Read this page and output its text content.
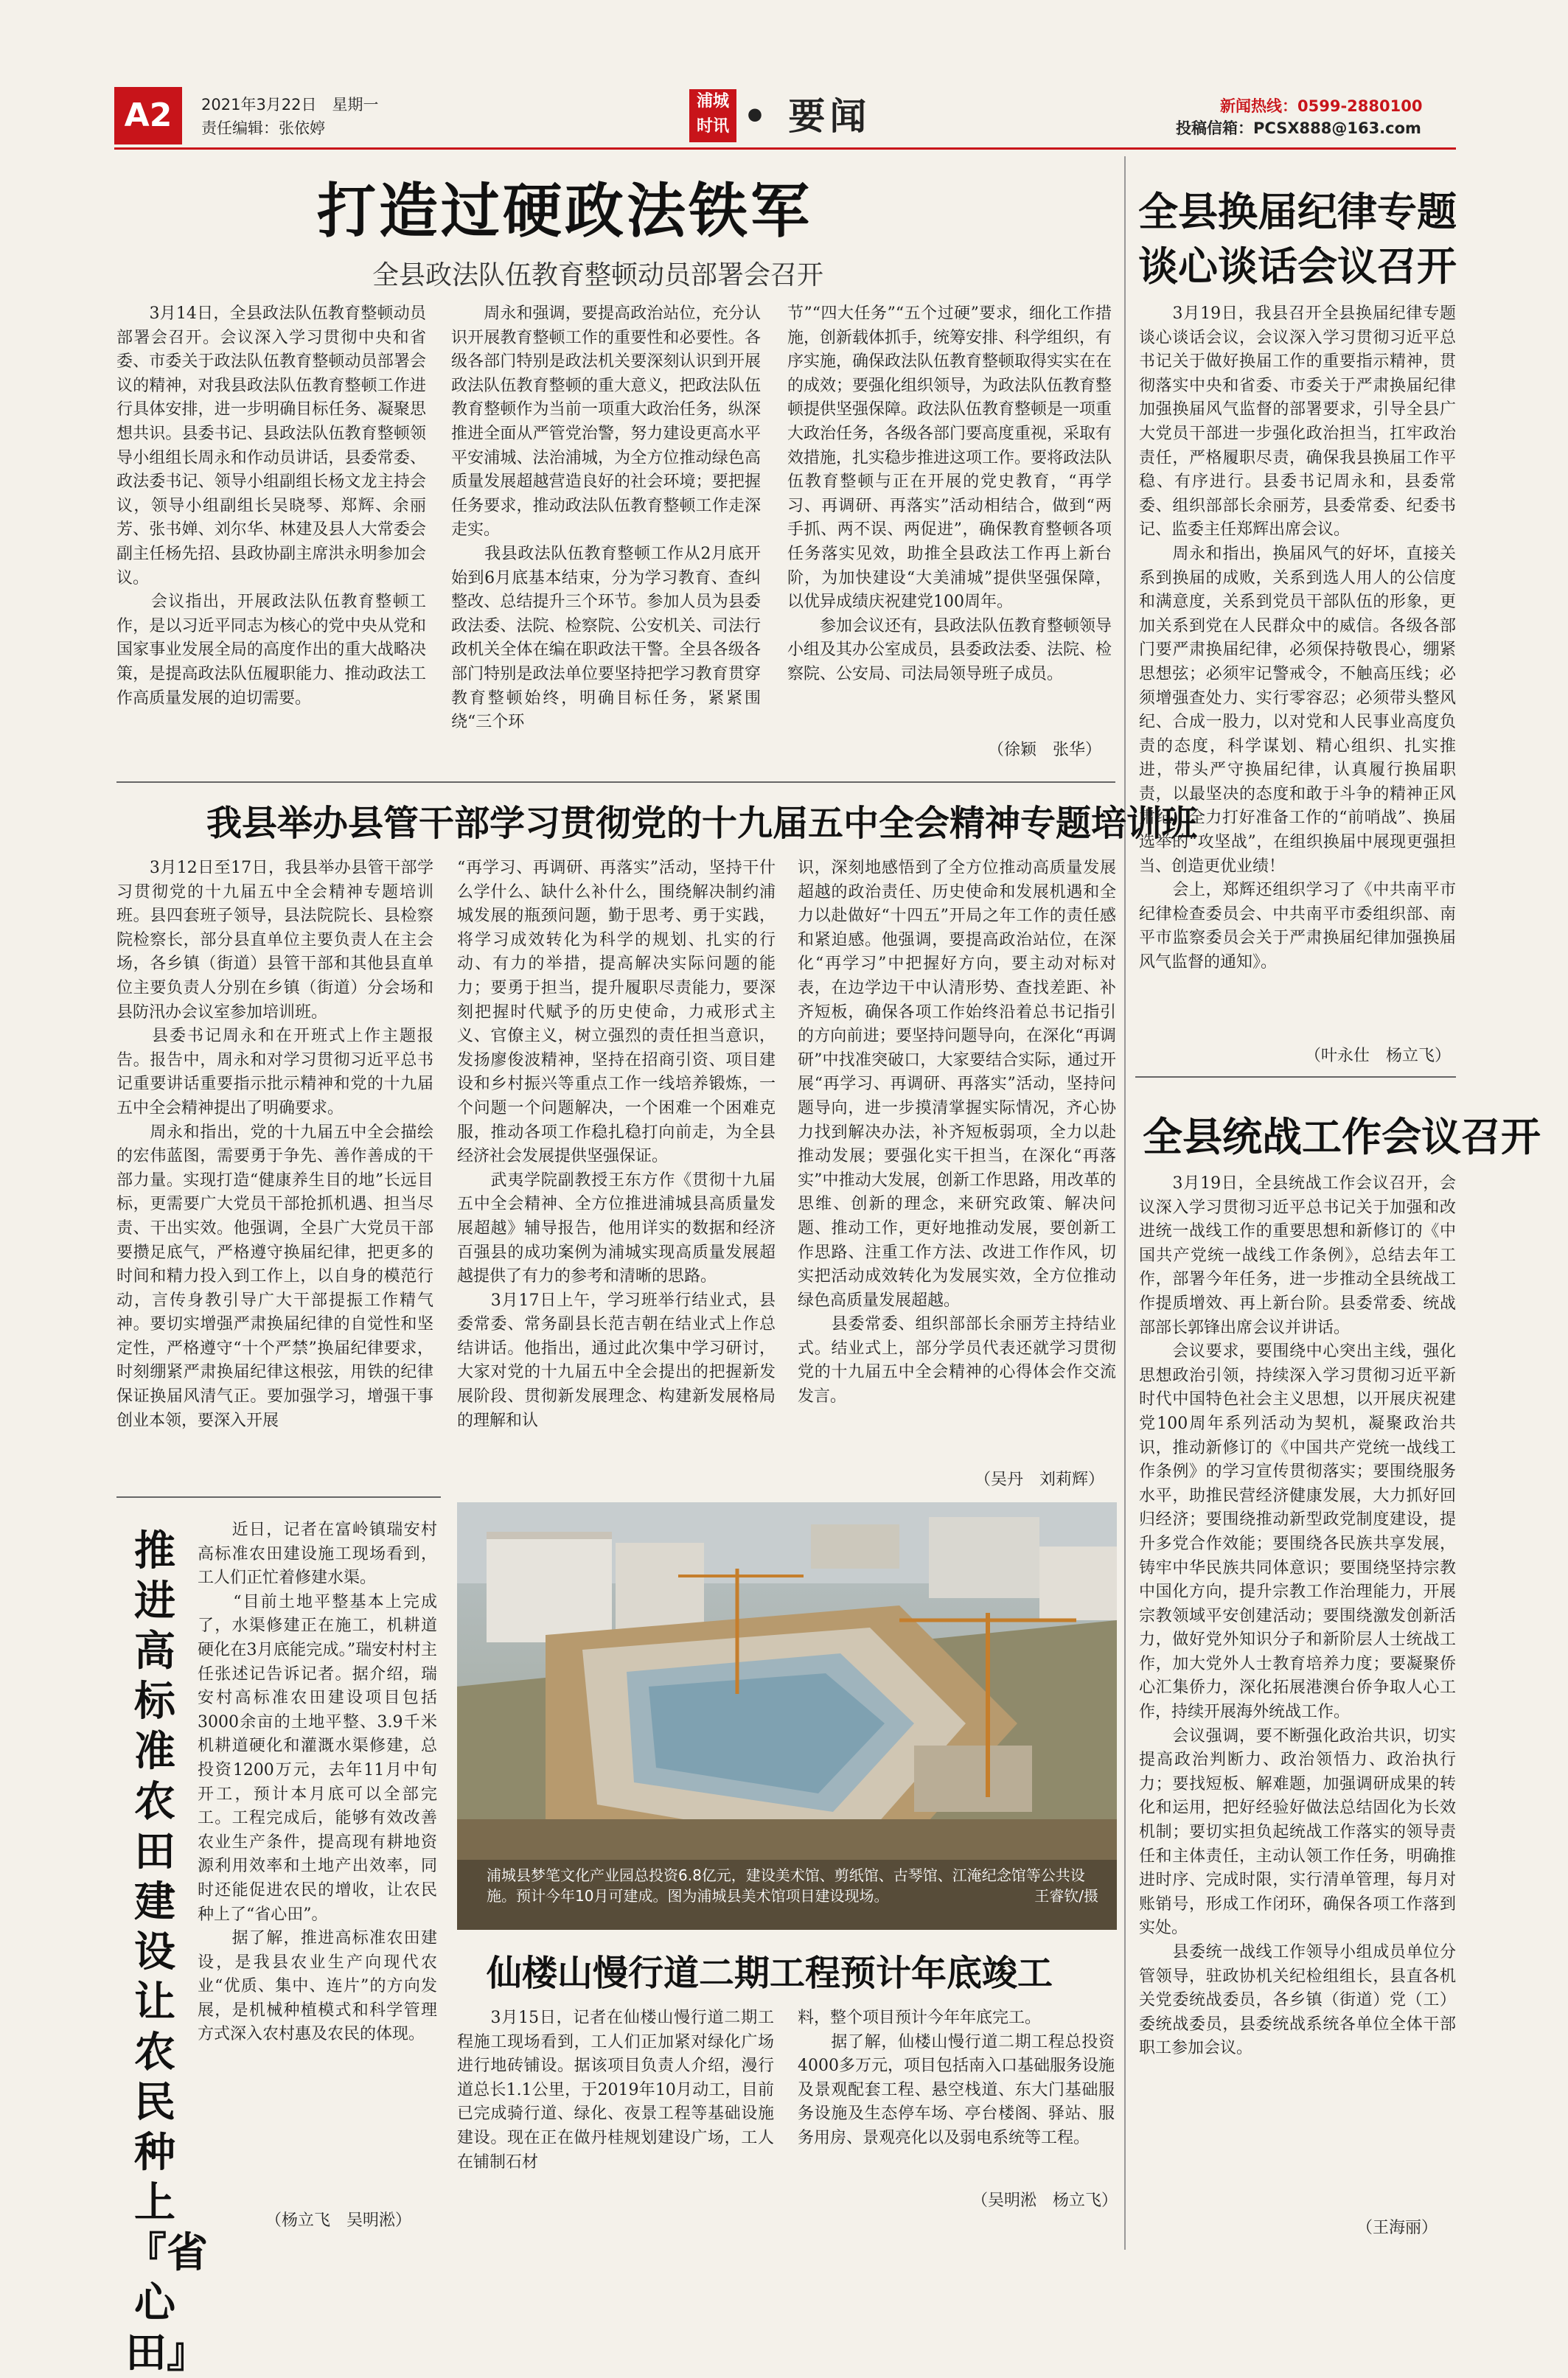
A2	2021年3月22日　星期一
责任编辑：张依婷
浦城时讯 • 要闻	新闻热线：0599-2880100
投稿信箱：PCSX888@163.com
打造过硬政法铁军
全县政法队伍教育整顿动员部署会召开
　　3月14日，全县政法队伍教育整顿动员部署会召开。会议深入学习贯彻中央和省委、市委关于政法队伍教育整顿动员部署会议的精神，对我县政法队伍教育整顿工作进行具体安排，进一步明确目标任务、凝聚思想共识。县委书记、县政法队伍教育整顿领导小组组长周永和作动员讲话，县委常委、政法委书记、领导小组副组长杨文龙主持会议，领导小组副组长吴晓琴、郑辉、余丽芳、张书婵、刘尔华、林建及县人大常委会副主任杨先招、县政协副主席洪永明参加会议。
　　会议指出，开展政法队伍教育整顿工作，是以习近平同志为核心的党中央从党和国家事业发展全局的高度作出的重大战略决策，是提高政法队伍履职能力、推动政法工作高质量发展的迫切需要。
　　周永和强调，要提高政治站位，充分认识开展教育整顿工作的重要性和必要性。各级各部门特别是政法机关要深刻认识到开展政法队伍教育整顿的重大意义，把政法队伍教育整顿作为当前一项重大政治任务，纵深推进全面从严管党治警，努力建设更高水平平安浦城、法治浦城，为全方位推动绿色高质量发展超越营造良好的社会环境；要把握任务要求，推动政法队伍教育整顿工作走深走实。
　　我县政法队伍教育整顿工作从2月底开始到6月底基本结束，分为学习教育、查纠整改、总结提升三个环节。参加人员为县委政法委、法院、检察院、公安机关、司法行政机关全体在编在职政法干警。全县各级各部门特别是政法单位要坚持把学习教育贯穿教育整顿始终，明确目标任务，紧紧围绕“三个环
节”“四大任务”“五个过硬”要求，细化工作措施，创新载体抓手，统筹安排、科学组织，有序实施，确保政法队伍教育整顿取得实实在在的成效；要强化组织领导，为政法队伍教育整顿提供坚强保障。政法队伍教育整顿是一项重大政治任务，各级各部门要高度重视，采取有效措施，扎实稳步推进这项工作。要将政法队伍教育整顿与正在开展的党史教育，“再学习、再调研、再落实”活动相结合，做到“两手抓、两不误、两促进”，确保教育整顿各项任务落实见效，助推全县政法工作再上新台阶，为加快建设“大美浦城”提供坚强保障，以优异成绩庆祝建党100周年。
　　参加会议还有，县政法队伍教育整顿领导小组及其办公室成员，县委政法委、法院、检察院、公安局、司法局领导班子成员。
（徐颖　张华）
全县换届纪律专题谈心谈话会议召开
　　3月19日，我县召开全县换届纪律专题谈心谈话会议，会议深入学习贯彻习近平总书记关于做好换届工作的重要指示精神，贯彻落实中央和省委、市委关于严肃换届纪律加强换届风气监督的部署要求，引导全县广大党员干部进一步强化政治担当，扛牢政治责任，严格履职尽责，确保我县换届工作平稳、有序进行。县委书记周永和，县委常委、组织部部长余丽芳，县委常委、纪委书记、监委主任郑辉出席会议。
　　周永和指出，换届风气的好坏，直接关系到换届的成败，关系到选人用人的公信度和满意度，关系到党员干部队伍的形象，更加关系到党在人民群众中的威信。各级各部门要严肃换届纪律，必须保持敬畏心，绷紧思想弦；必须牢记警戒令，不触高压线；必须增强查处力、实行零容忍；必须带头整风纪、合成一股力，以对党和人民事业高度负责的态度，科学谋划、精心组织、扎实推进，带头严守换届纪律，认真履行换届职责，以最坚决的态度和敢于斗争的精神正风肃纪，全力打好准备工作的“前哨战”、换届选举的“攻坚战”，在组织换届中展现更强担当、创造更优业绩！
　　会上，郑辉还组织学习了《中共南平市纪律检查委员会、中共南平市委组织部、南平市监察委员会关于严肃换届纪律加强换届风气监督的通知》。
（叶永仕　杨立飞）
全县统战工作会议召开
　　3月19日，全县统战工作会议召开，会议深入学习贯彻习近平总书记关于加强和改进统一战线工作的重要思想和新修订的《中国共产党统一战线工作条例》，总结去年工作，部署今年任务，进一步推动全县统战工作提质增效、再上新台阶。县委常委、统战部部长郭锋出席会议并讲话。
　　会议要求，要围绕中心突出主线，强化思想政治引领，持续深入学习贯彻习近平新时代中国特色社会主义思想，以开展庆祝建党100周年系列活动为契机，凝聚政治共识，推动新修订的《中国共产党统一战线工作条例》的学习宣传贯彻落实；要围绕服务水平，助推民营经济健康发展，大力抓好回归经济；要围绕推动新型政党制度建设，提升多党合作效能；要围绕各民族共享发展，铸牢中华民族共同体意识；要围绕坚持宗教中国化方向，提升宗教工作治理能力，开展宗教领域平安创建活动；要围绕激发创新活力，做好党外知识分子和新阶层人士统战工作，加大党外人士教育培养力度；要凝聚侨心汇集侨力，深化拓展港澳台侨争取人心工作，持续开展海外统战工作。
　　会议强调，要不断强化政治共识，切实提高政治判断力、政治领悟力、政治执行力；要找短板、解难题，加强调研成果的转化和运用，把好经验好做法总结固化为长效机制；要切实担负起统战工作落实的领导责任和主体责任，主动认领工作任务，明确推进时序、完成时限，实行清单管理，每月对账销号，形成工作闭环，确保各项工作落到实处。
　　县委统一战线工作领导小组成员单位分管领导，驻政协机关纪检组组长，县直各机关党委统战委员，各乡镇（街道）党（工）委统战委员，县委统战系统各单位全体干部职工参加会议。
（王海丽）
我县举办县管干部学习贯彻党的十九届五中全会精神专题培训班
　　3月12日至17日，我县举办县管干部学习贯彻党的十九届五中全会精神专题培训班。县四套班子领导，县法院院长、县检察院检察长，部分县直单位主要负责人在主会场，各乡镇（街道）县管干部和其他县直单位主要负责人分别在乡镇（街道）分会场和县防汛办会议室参加培训班。
　　县委书记周永和在开班式上作主题报告。报告中，周永和对学习贯彻习近平总书记重要讲话重要指示批示精神和党的十九届五中全会精神提出了明确要求。
　　周永和指出，党的十九届五中全会描绘的宏伟蓝图，需要勇于争先、善作善成的干部力量。实现打造“健康养生目的地”长远目标，更需要广大党员干部抢抓机遇、担当尽责、干出实效。他强调，全县广大党员干部要攒足底气，严格遵守换届纪律，把更多的时间和精力投入到工作上，以自身的模范行动，言传身教引导广大干部提振工作精气神。要切实增强严肃换届纪律的自觉性和坚定性，严格遵守“十个严禁”换届纪律要求，时刻绷紧严肃换届纪律这根弦，用铁的纪律保证换届风清气正。要加强学习，增强干事创业本领，要深入开展
“再学习、再调研、再落实”活动，坚持干什么学什么、缺什么补什么，围绕解决制约浦城发展的瓶颈问题，勤于思考、勇于实践，将学习成效转化为科学的规划、扎实的行动、有力的举措，提高解决实际问题的能力；要勇于担当，提升履职尽责能力，要深刻把握时代赋予的历史使命，力戒形式主义、官僚主义，树立强烈的责任担当意识，发扬廖俊波精神，坚持在招商引资、项目建设和乡村振兴等重点工作一线培养锻炼，一个问题一个问题解决，一个困难一个困难克服，推动各项工作稳扎稳打向前走，为全县经济社会发展提供坚强保证。
　　武夷学院副教授王东方作《贯彻十九届五中全会精神、全方位推进浦城县高质量发展超越》辅导报告，他用详实的数据和经济百强县的成功案例为浦城实现高质量发展超越提供了有力的参考和清晰的思路。
　　3月17日上午，学习班举行结业式，县委常委、常务副县长范吉朝在结业式上作总结讲话。他指出，通过此次集中学习研讨，大家对党的十九届五中全会提出的把握新发展阶段、贯彻新发展理念、构建新发展格局的理解和认
识，深刻地感悟到了全方位推动高质量发展超越的政治责任、历史使命和发展机遇和全力以赴做好“十四五”开局之年工作的责任感和紧迫感。他强调，要提高政治站位，在深化“再学习”中把握好方向，要主动对标对表，在边学边干中认清形势、查找差距、补齐短板，确保各项工作始终沿着总书记指引的方向前进；要坚持问题导向，在深化“再调研”中找准突破口，大家要结合实际，通过开展“再学习、再调研、再落实”活动，坚持问题导向，进一步摸清掌握实际情况，齐心协力找到解决办法，补齐短板弱项，全力以赴推动发展；要强化实干担当，在深化“再落实”中推动大发展，创新工作思路，用改革的思维、创新的理念，来研究政策、解决问题、推动工作，更好地推动发展，要创新工作思路、注重工作方法、改进工作作风，切实把活动成效转化为发展实效，全方位推动绿色高质量发展超越。
　　县委常委、组织部部长余丽芳主持结业式。结业式上，部分学员代表还就学习贯彻党的十九届五中全会精神的心得体会作交流发言。
（吴丹　刘莉辉）
推进高标准农田建设　让农民种上『省心田』
　　近日，记者在富岭镇瑞安村高标准农田建设施工现场看到，工人们正忙着修建水渠。
　　“目前土地平整基本上完成了，水渠修建正在施工，机耕道硬化在3月底能完成。”瑞安村村主任张述记告诉记者。据介绍，瑞安村高标准农田建设项目包括3000余亩的土地平整、3.9千米机耕道硬化和灌溉水渠修建，总投资1200万元，去年11月中旬开工，预计本月底可以全部完工。工程完成后，能够有效改善农业生产条件，提高现有耕地资源利用效率和土地产出效率，同时还能促进农民的增收，让农民种上了“省心田”。
　　据了解，推进高标准农田建设，是我县农业生产向现代农业“优质、集中、连片”的方向发展，是机械种植模式和科学管理方式深入农村惠及农民的体现。
（杨立飞　吴明淞）
浦城县梦笔文化产业园总投资6.8亿元，建设美术馆、剪纸馆、古琴馆、江淹纪念馆等公共设施。预计今年10月可建成。图为浦城县美术馆项目建设现场。	王睿钦/摄
仙楼山慢行道二期工程预计年底竣工
　　3月15日，记者在仙楼山慢行道二期工程施工现场看到，工人们正加紧对绿化广场进行地砖铺设。据该项目负责人介绍，漫行道总长1.1公里，于2019年10月动工，目前已完成骑行道、绿化、夜景工程等基础设施建设。现在正在做丹桂规划建设广场，工人在铺制石材
料，整个项目预计今年年底完工。
　　据了解，仙楼山慢行道二期工程总投资4000多万元，项目包括南入口基础服务设施及景观配套工程、悬空栈道、东大门基础服务设施及生态停车场、亭台楼阁、驿站、服务用房、景观亮化以及弱电系统等工程。
（吴明淞　杨立飞）
